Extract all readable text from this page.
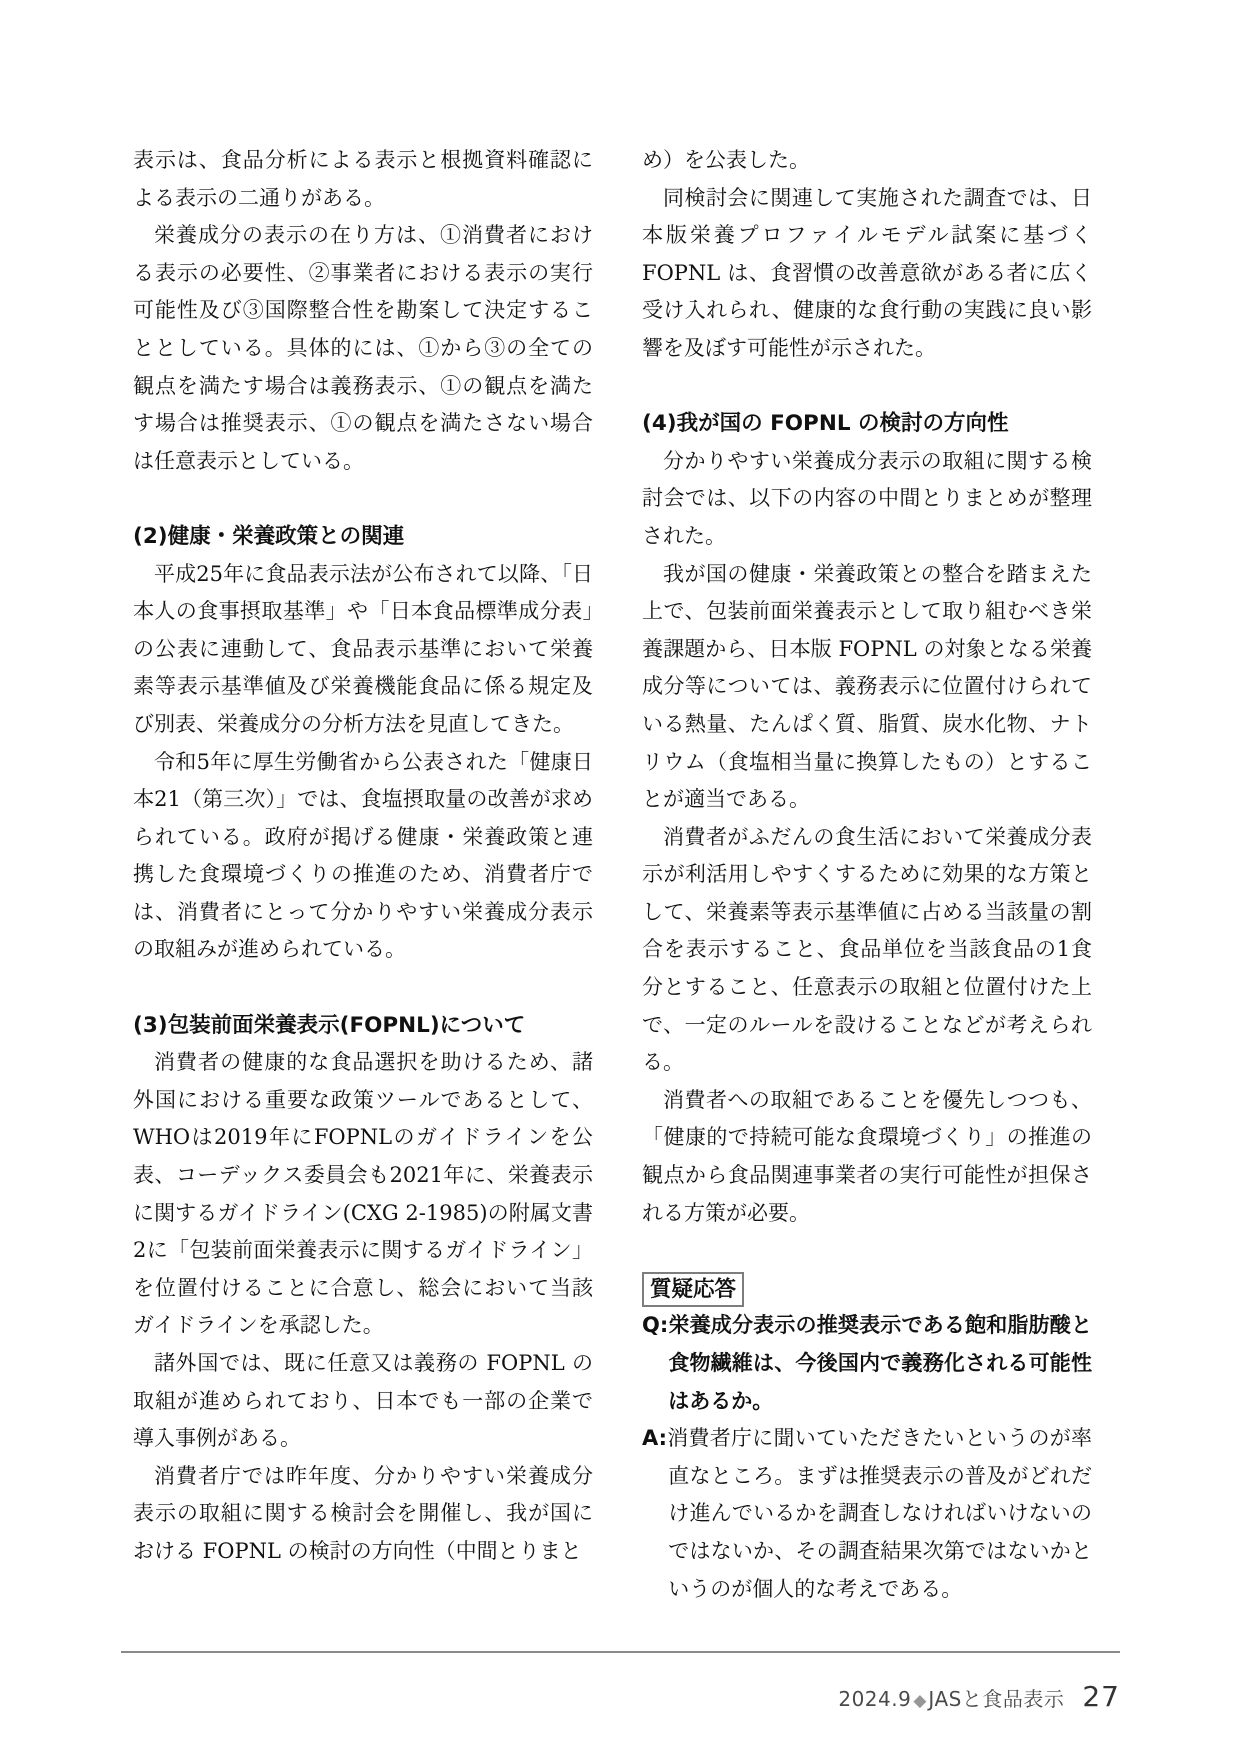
表示は、食品分析による表示と根拠資料確認による表示の二通りがある。

栄養成分の表示の在り方は、①消費者における表示の必要性、②事業者における表示の実行可能性及び③国際整合性を勘案して決定することとしている。具体的には、①から③の全ての観点を満たす場合は義務表示、①の観点を満たす場合は推奨表示、①の観点を満たさない場合は任意表示としている。

(2)健康・栄養政策との関連

平成25年に食品表示法が公布されて以降、「日本人の食事摂取基準」や「日本食品標準成分表」の公表に連動して、食品表示基準において栄養素等表示基準値及び栄養機能食品に係る規定及び別表、栄養成分の分析方法を見直してきた。

令和5年に厚生労働省から公表された「健康日本21（第三次）」では、食塩摂取量の改善が求められている。政府が掲げる健康・栄養政策と連携した食環境づくりの推進のため、消費者庁では、消費者にとって分かりやすい栄養成分表示の取組みが進められている。

(3)包装前面栄養表示(FOPNL)について

消費者の健康的な食品選択を助けるため、諸外国における重要な政策ツールであるとして、WHOは2019年にFOPNLのガイドラインを公表、コーデックス委員会も2021年に、栄養表示に関するガイドライン(CXG 2-1985)の附属文書2に「包装前面栄養表示に関するガイドライン」を位置付けることに合意し、総会において当該ガイドラインを承認した。

諸外国では、既に任意又は義務の FOPNL の取組が進められており、日本でも一部の企業で導入事例がある。

消費者庁では昨年度、分かりやすい栄養成分表示の取組に関する検討会を開催し、我が国における FOPNL の検討の方向性（中間とりまと

め）を公表した。

同検討会に関連して実施された調査では、日本版栄養プロファイルモデル試案に基づくFOPNL は、食習慣の改善意欲がある者に広く受け入れられ、健康的な食行動の実践に良い影響を及ぼす可能性が示された。

(4)我が国の FOPNL の検討の方向性

分かりやすい栄養成分表示の取組に関する検討会では、以下の内容の中間とりまとめが整理された。

我が国の健康・栄養政策との整合を踏まえた上で、包装前面栄養表示として取り組むべき栄養課題から、日本版 FOPNL の対象となる栄養成分等については、義務表示に位置付けられている熱量、たんぱく質、脂質、炭水化物、ナトリウム（食塩相当量に換算したもの）とすることが適当である。

消費者がふだんの食生活において栄養成分表示が利活用しやすくするために効果的な方策として、栄養素等表示基準値に占める当該量の割合を表示すること、食品単位を当該食品の1食分とすること、任意表示の取組と位置付けた上で、一定のルールを設けることなどが考えられる。

消費者への取組であることを優先しつつも、「健康的で持続可能な食環境づくり」の推進の観点から食品関連事業者の実行可能性が担保される方策が必要。

質疑応答

Q:栄養成分表示の推奨表示である飽和脂肪酸と食物繊維は、今後国内で義務化される可能性はあるか。

A:消費者庁に聞いていただきたいというのが率直なところ。まずは推奨表示の普及がどれだけ進んでいるかを調査しなければいけないのではないか、その調査結果次第ではないかというのが個人的な考えである。

2024.9 ◆ JASと食品表示 27
